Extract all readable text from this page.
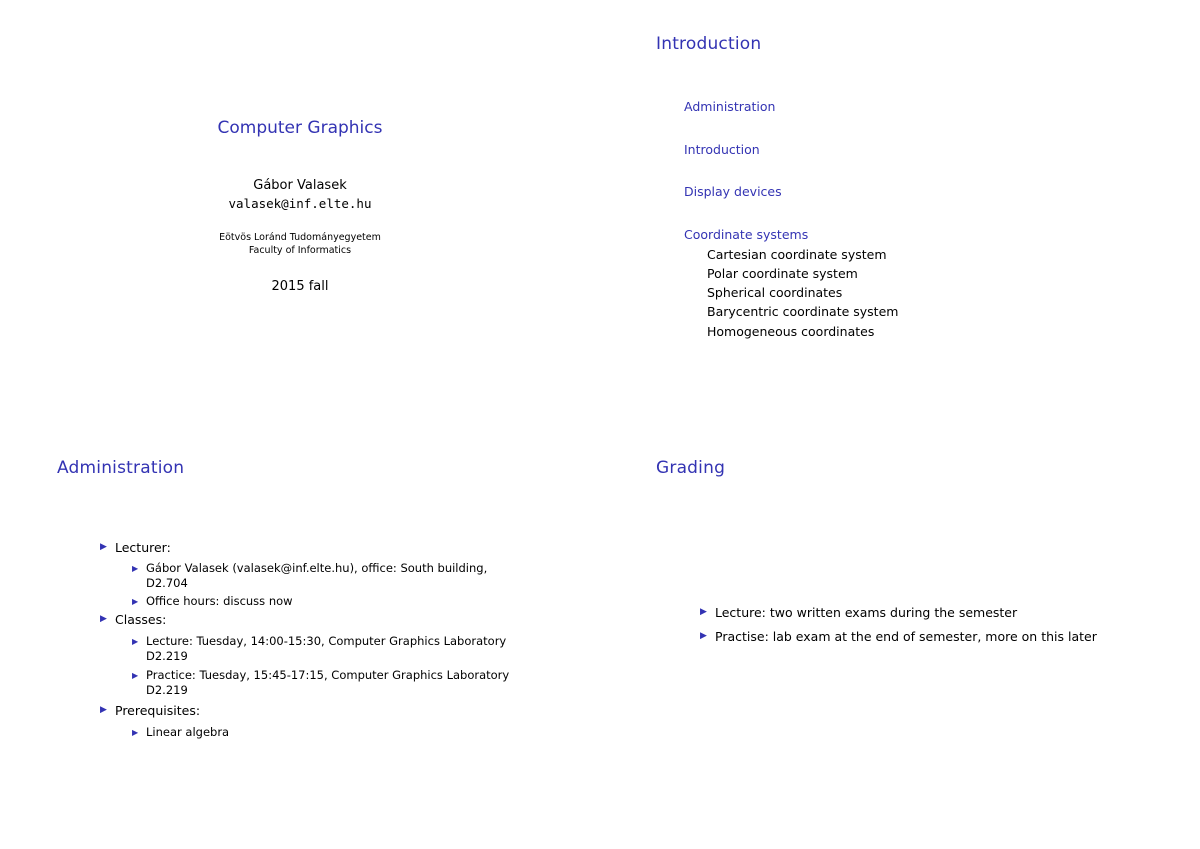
Computer Graphics
Gábor Valasek
valasek@inf.elte.hu
Eötvös Loránd Tudományegyetem
Faculty of Informatics
2015 fall
Introduction
Administration
Introduction
Display devices
Coordinate systems
Cartesian coordinate system
Polar coordinate system
Spherical coordinates
Barycentric coordinate system
Homogeneous coordinates
Administration
▶ Lecturer:
▶ Gábor Valasek (valasek@inf.elte.hu), office: South building,
D2.704
▶ Office hours: discuss now
▶ Classes:
▶ Lecture: Tuesday, 14:00-15:30, Computer Graphics Laboratory
D2.219
▶ Practice: Tuesday, 15:45-17:15, Computer Graphics Laboratory
D2.219
▶ Prerequisites:
▶ Linear algebra
Grading
▶ Lecture: two written exams during the semester
▶ Practise: lab exam at the end of semester, more on this later
